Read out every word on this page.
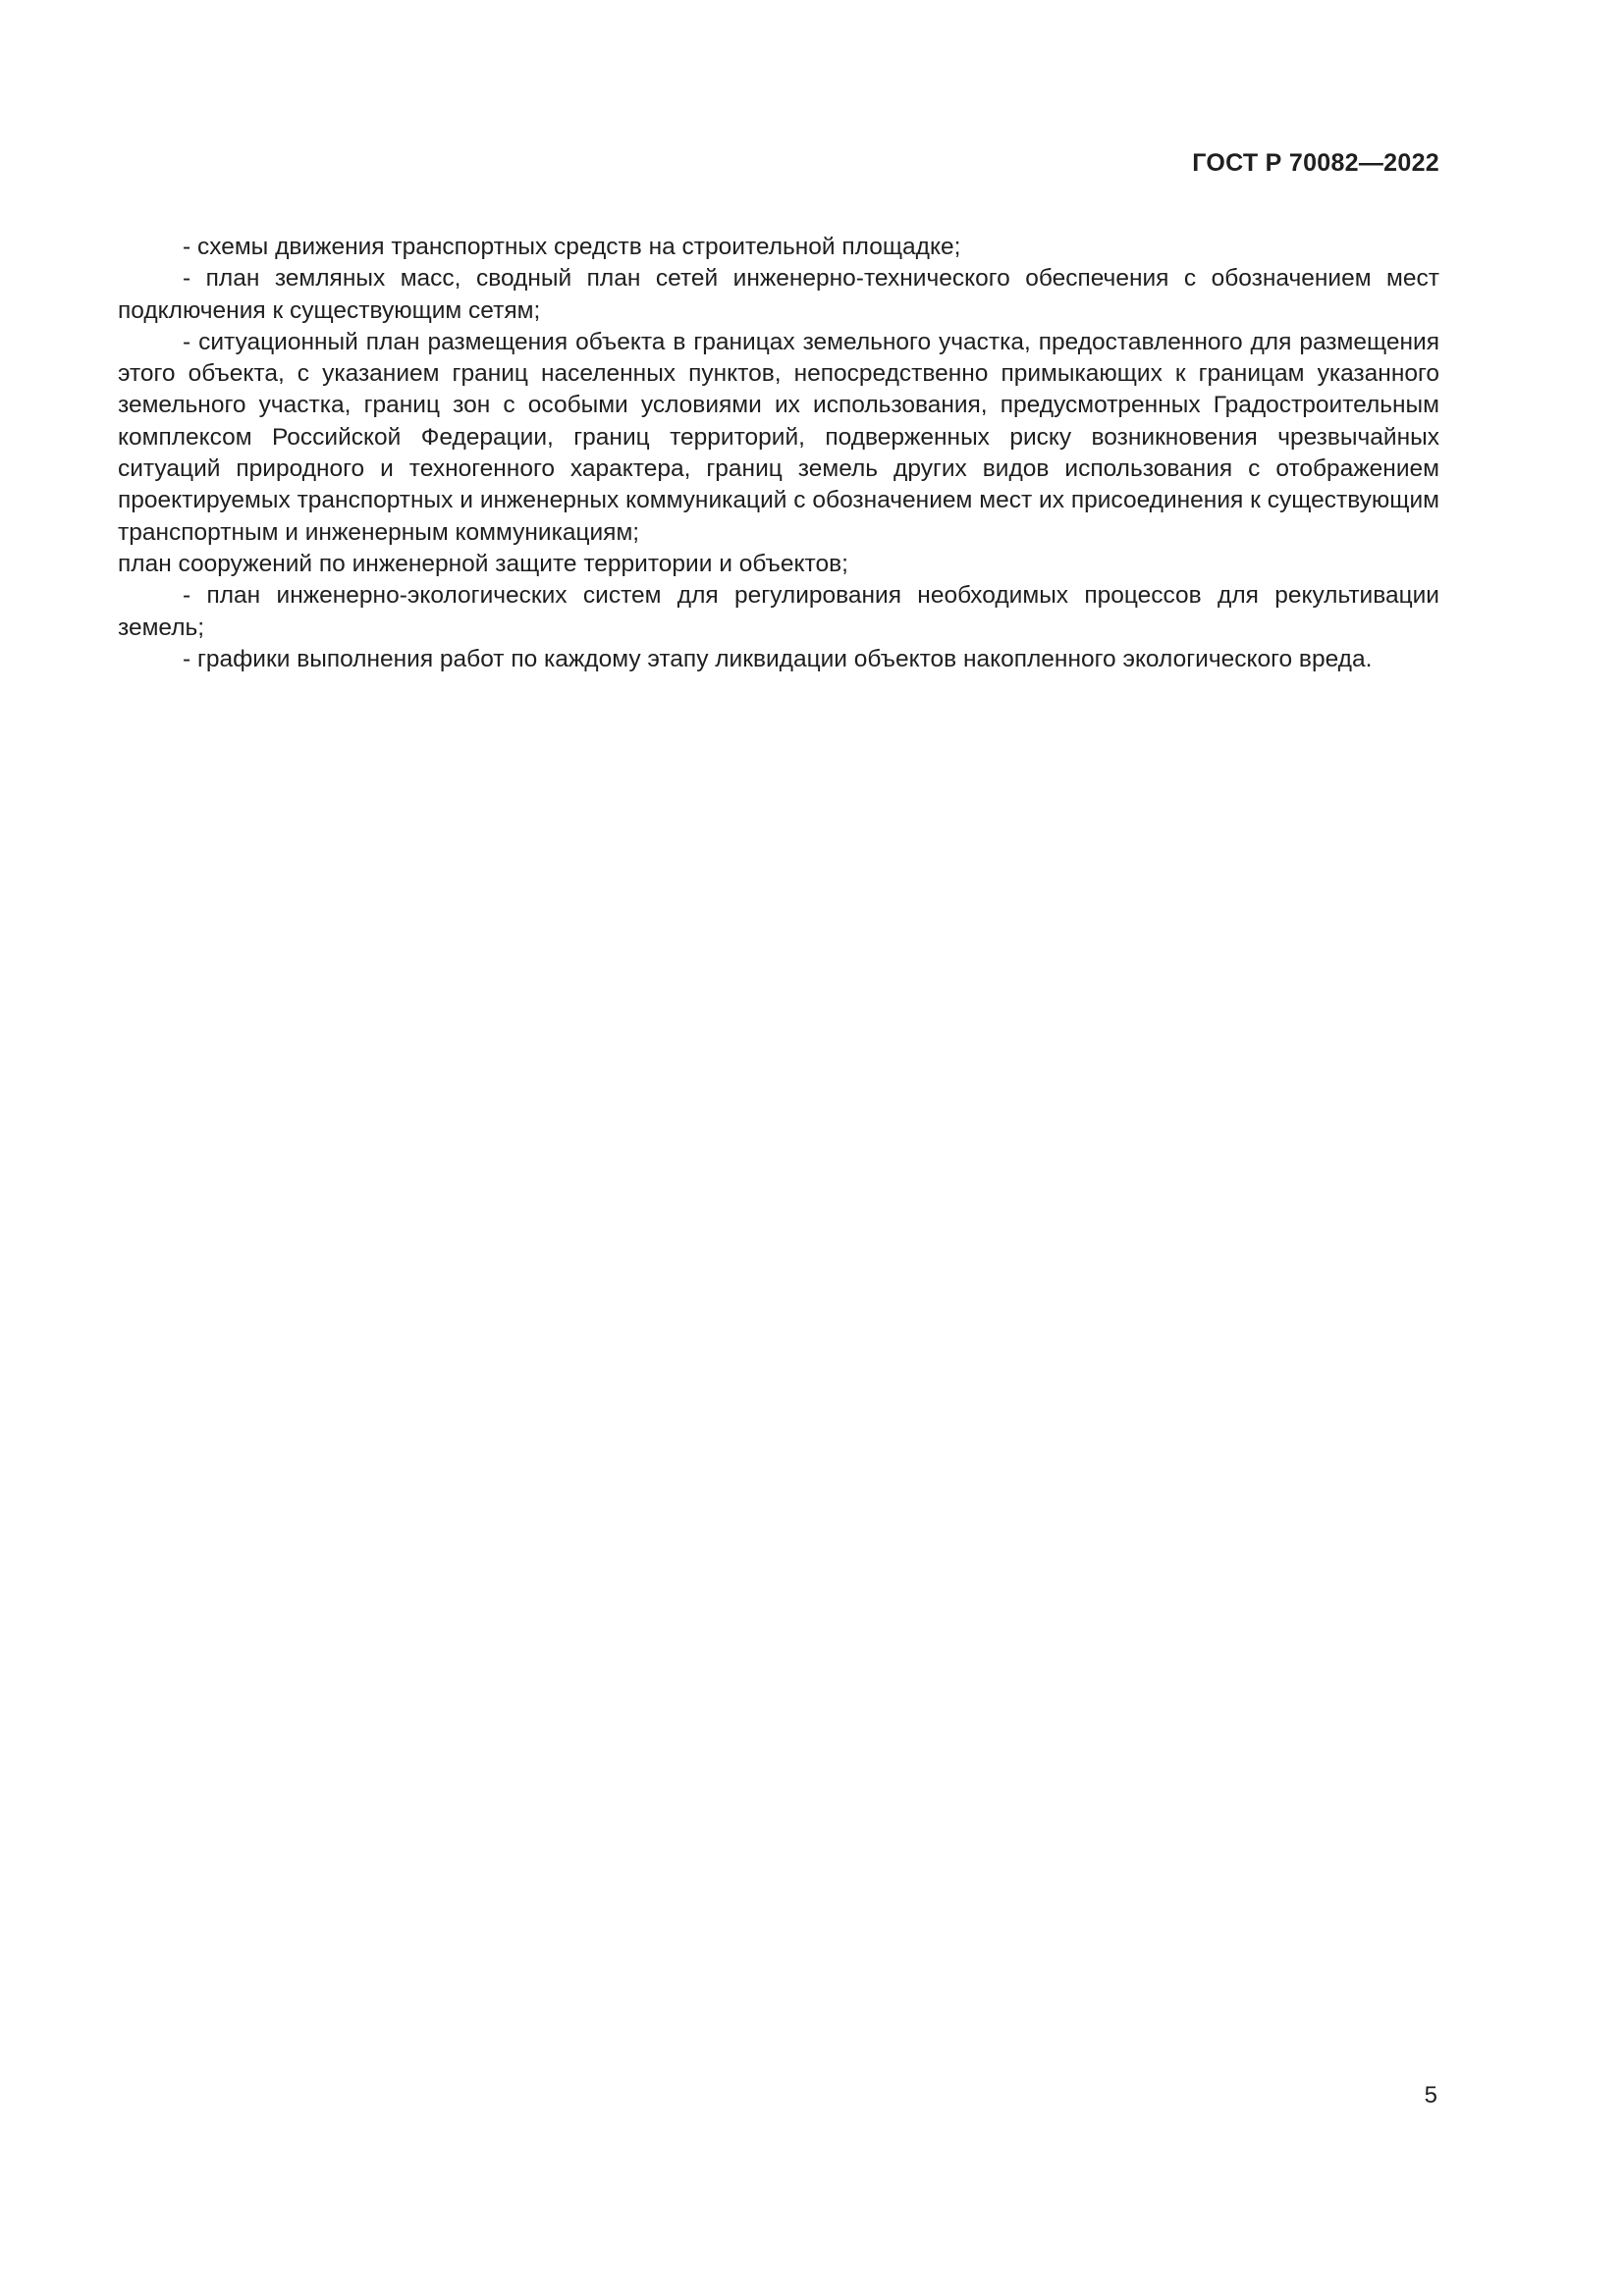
ГОСТ Р 70082—2022

- схемы движения транспортных средств на строительной площадке;

- план земляных масс, сводный план сетей инженерно-технического обеспечения с обозначением мест подключения к существующим сетям;

- ситуационный план размещения объекта в границах земельного участка, предоставленного для размещения этого объекта, с указанием границ населенных пунктов, непосредственно примыкающих к границам указанного земельного участка, границ зон с особыми условиями их использования, предусмотренных Градостроительным комплексом Российской Федерации, границ территорий, подверженных риску возникновения чрезвычайных ситуаций природного и техногенного характера, границ земель других видов использования с отображением проектируемых транспортных и инженерных коммуникаций с обозначением мест их присоединения к существующим транспортным и инженерным коммуникациям;

план сооружений по инженерной защите территории и объектов;

- план инженерно-экологических систем для регулирования необходимых процессов для рекультивации земель;

- графики выполнения работ по каждому этапу ликвидации объектов накопленного экологического вреда.

5
